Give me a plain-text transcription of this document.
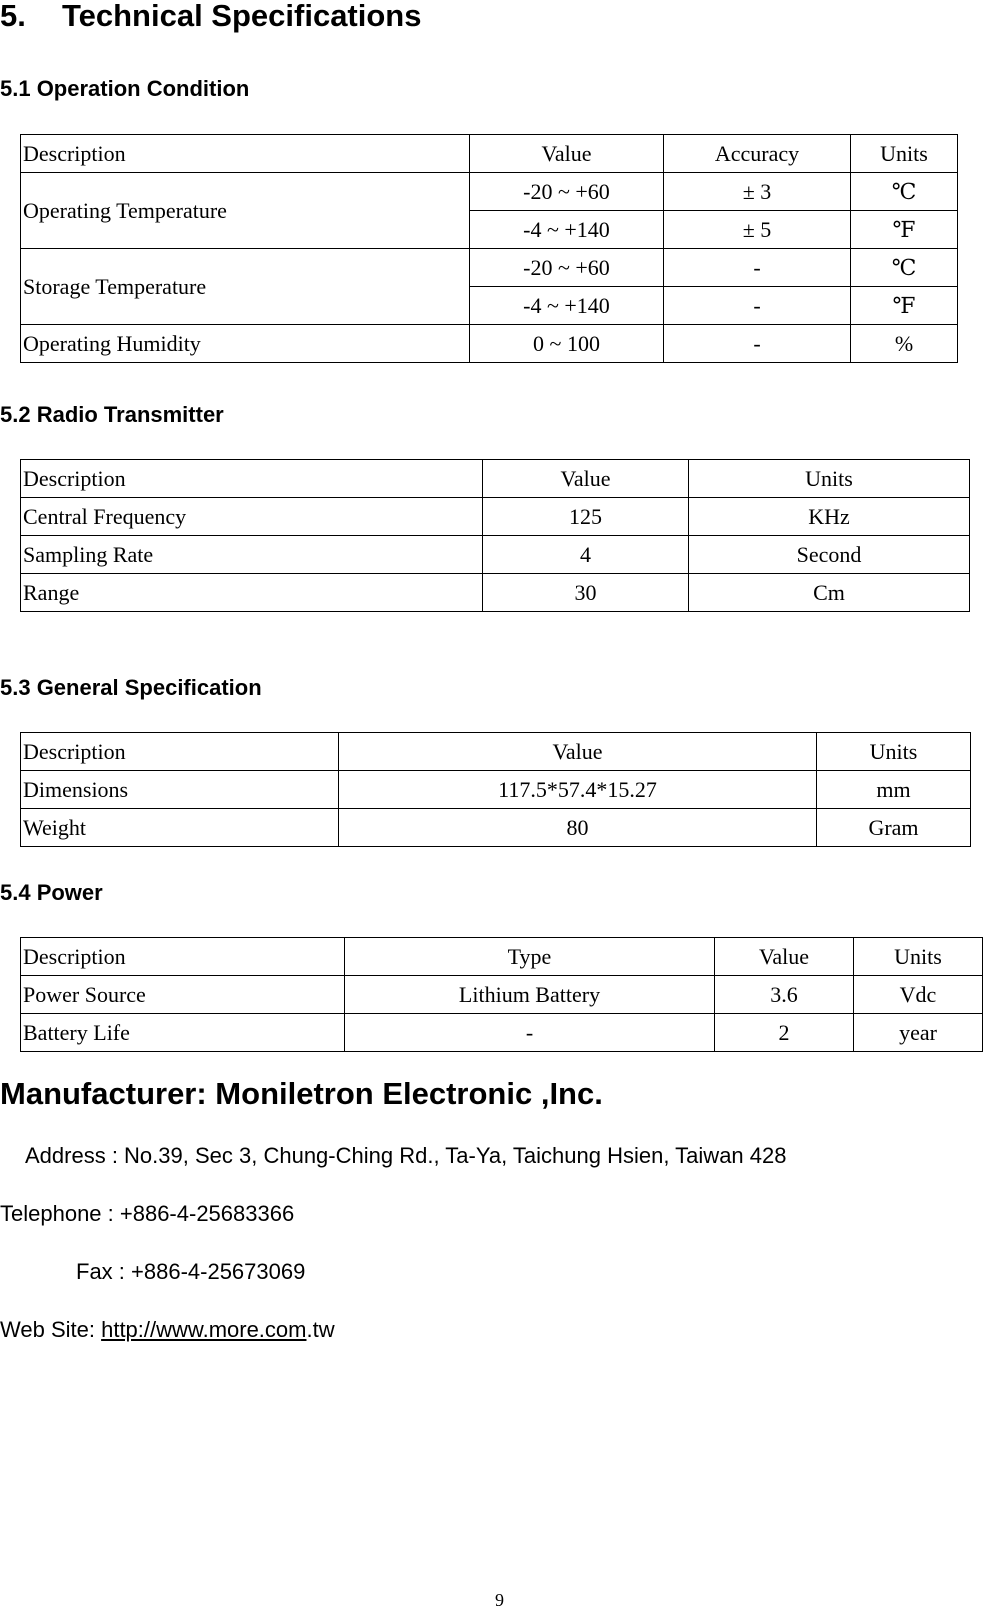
5. Technical Specifications
5.1 Operation Condition
Description	Value	Accuracy	Units
Operating Temperature	-20 ~ +60	± 3	℃
	-4 ~ +140	± 5	℉
Storage Temperature	-20 ~ +60	-	℃
	-4 ~ +140	-	℉
Operating Humidity	0 ~ 100	-	%
5.2 Radio Transmitter
Description	Value	Units
Central Frequency	125	KHz
Sampling Rate	4	Second
Range	30	Cm
5.3 General Specification
Description	Value	Units
Dimensions	117.5*57.4*15.27	mm
Weight	80	Gram
5.4 Power
Description	Type	Value	Units
Power Source	Lithium Battery	3.6	Vdc
Battery Life	-	2	year
Manufacturer: Moniletron Electronic ,Inc.
Address : No.39, Sec 3, Chung-Ching Rd., Ta-Ya, Taichung Hsien, Taiwan 428
Telephone : +886-4-25683366
Fax : +886-4-25673069
Web Site: http://www.more.com.tw
9
